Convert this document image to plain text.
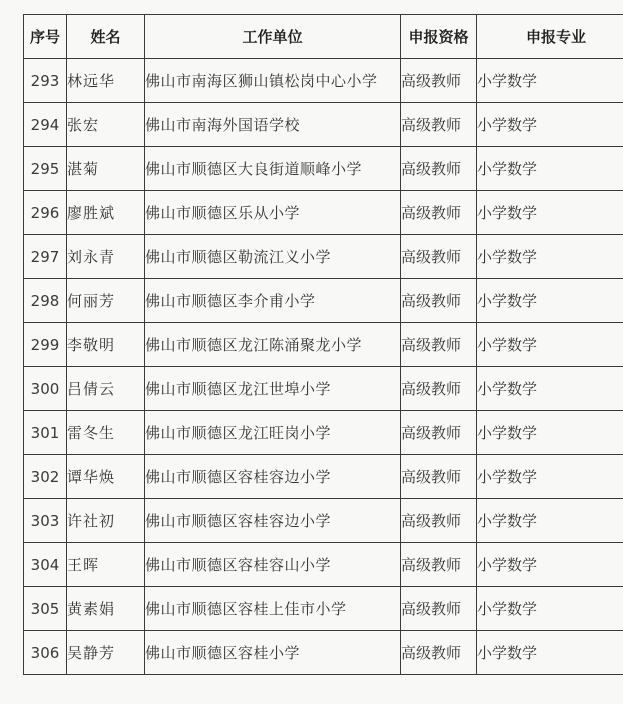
序号	姓名	工作单位	申报资格	申报专业
293	林远华	佛山市南海区狮山镇松岗中心小学	高级教师	小学数学
294	张宏	佛山市南海外国语学校	高级教师	小学数学
295	湛菊	佛山市顺德区大良街道顺峰小学	高级教师	小学数学
296	廖胜斌	佛山市顺德区乐从小学	高级教师	小学数学
297	刘永青	佛山市顺德区勒流江义小学	高级教师	小学数学
298	何丽芳	佛山市顺德区李介甫小学	高级教师	小学数学
299	李敬明	佛山市顺德区龙江陈涌聚龙小学	高级教师	小学数学
300	吕倩云	佛山市顺德区龙江世埠小学	高级教师	小学数学
301	雷冬生	佛山市顺德区龙江旺岗小学	高级教师	小学数学
302	谭华焕	佛山市顺德区容桂容边小学	高级教师	小学数学
303	许社初	佛山市顺德区容桂容边小学	高级教师	小学数学
304	王晖	佛山市顺德区容桂容山小学	高级教师	小学数学
305	黄素娟	佛山市顺德区容桂上佳市小学	高级教师	小学数学
306	吴静芳	佛山市顺德区容桂小学	高级教师	小学数学
